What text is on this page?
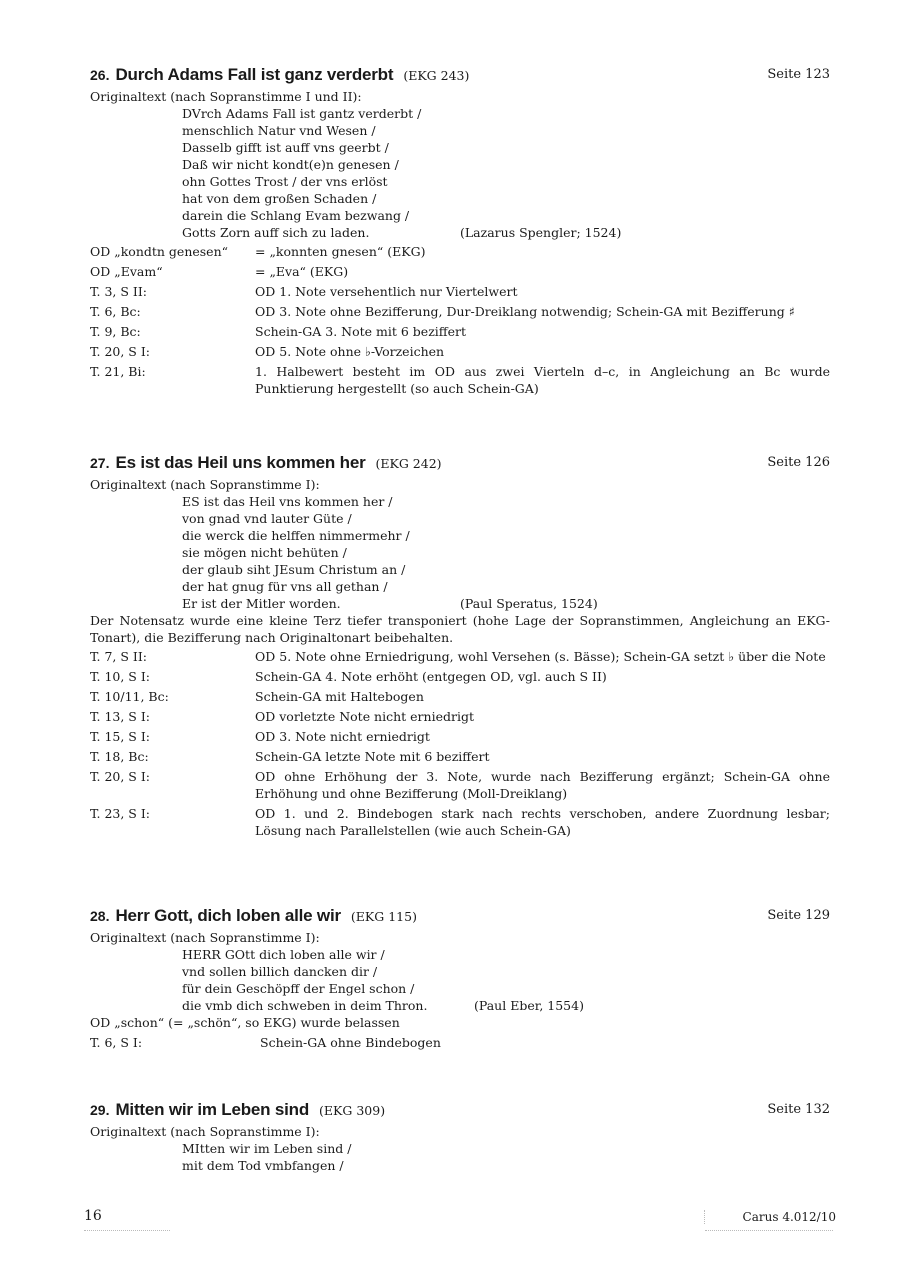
26. Durch Adams Fall ist ganz verderbt (EKG 243)	Seite 123
Originaltext (nach Sopranstimme I und II):
DVrch Adams Fall ist gantz verderbt /
menschlich Natur vnd Wesen /
Dasselb gifft ist auff vns geerbt /
Daß wir nicht kondt(e)n genesen /
ohn Gottes Trost / der vns erlöst
hat von dem großen Schaden /
darein die Schlang Evam bezwang /
Gotts Zorn auff sich zu laden.	(Lazarus Spengler; 1524)
OD „kondtn genesen“	= „konnten gnesen“ (EKG)
OD „Evam“	= „Eva“ (EKG)
T. 3, S II:	OD 1. Note versehentlich nur Viertelwert
T. 6, Bc:	OD 3. Note ohne Bezifferung, Dur-Dreiklang notwendig; Schein-GA mit Bezifferung ♯
T. 9, Bc:	Schein-GA 3. Note mit 6 beziffert
T. 20, S I:	OD 5. Note ohne ♭-Vorzeichen
T. 21, Bi:	1. Halbewert besteht im OD aus zwei Vierteln d–c, in Angleichung an Bc wurde Punktierung hergestellt (so auch Schein-GA)
27. Es ist das Heil uns kommen her (EKG 242)	Seite 126
Originaltext (nach Sopranstimme I):
ES ist das Heil vns kommen her /
von gnad vnd lauter Güte /
die werck die helffen nimmermehr /
sie mögen nicht behüten /
der glaub siht JEsum Christum an /
der hat gnug für vns all gethan /
Er ist der Mitler worden.	(Paul Speratus, 1524)
Der Notensatz wurde eine kleine Terz tiefer transponiert (hohe Lage der Sopranstimmen, Angleichung an EKG-Tonart), die Bezifferung nach Originaltonart beibehalten.
T. 7, S II:	OD 5. Note ohne Erniedrigung, wohl Versehen (s. Bässe); Schein-GA setzt ♭ über die Note
T. 10, S I:	Schein-GA 4. Note erhöht (entgegen OD, vgl. auch S II)
T. 10/11, Bc:	Schein-GA mit Haltebogen
T. 13, S I:	OD vorletzte Note nicht erniedrigt
T. 15, S I:	OD 3. Note nicht erniedrigt
T. 18, Bc:	Schein-GA letzte Note mit 6 beziffert
T. 20, S I:	OD ohne Erhöhung der 3. Note, wurde nach Bezifferung ergänzt; Schein-GA ohne Erhöhung und ohne Bezifferung (Moll-Dreiklang)
T. 23, S I:	OD 1. und 2. Bindebogen stark nach rechts verschoben, andere Zuordnung lesbar; Lösung nach Parallelstellen (wie auch Schein-GA)
28. Herr Gott, dich loben alle wir (EKG 115)	Seite 129
Originaltext (nach Sopranstimme I):
HERR GOtt dich loben alle wir /
vnd sollen billich dancken dir /
für dein Geschöpff der Engel schon /
die vmb dich schweben in deim Thron.	(Paul Eber, 1554)
OD „schon“ (= „schön“, so EKG) wurde belassen
T. 6, S I:	Schein-GA ohne Bindebogen
29. Mitten wir im Leben sind (EKG 309)	Seite 132
Originaltext (nach Sopranstimme I):
MItten wir im Leben sind /
mit dem Tod vmbfangen /
16	Carus 4.012/10
